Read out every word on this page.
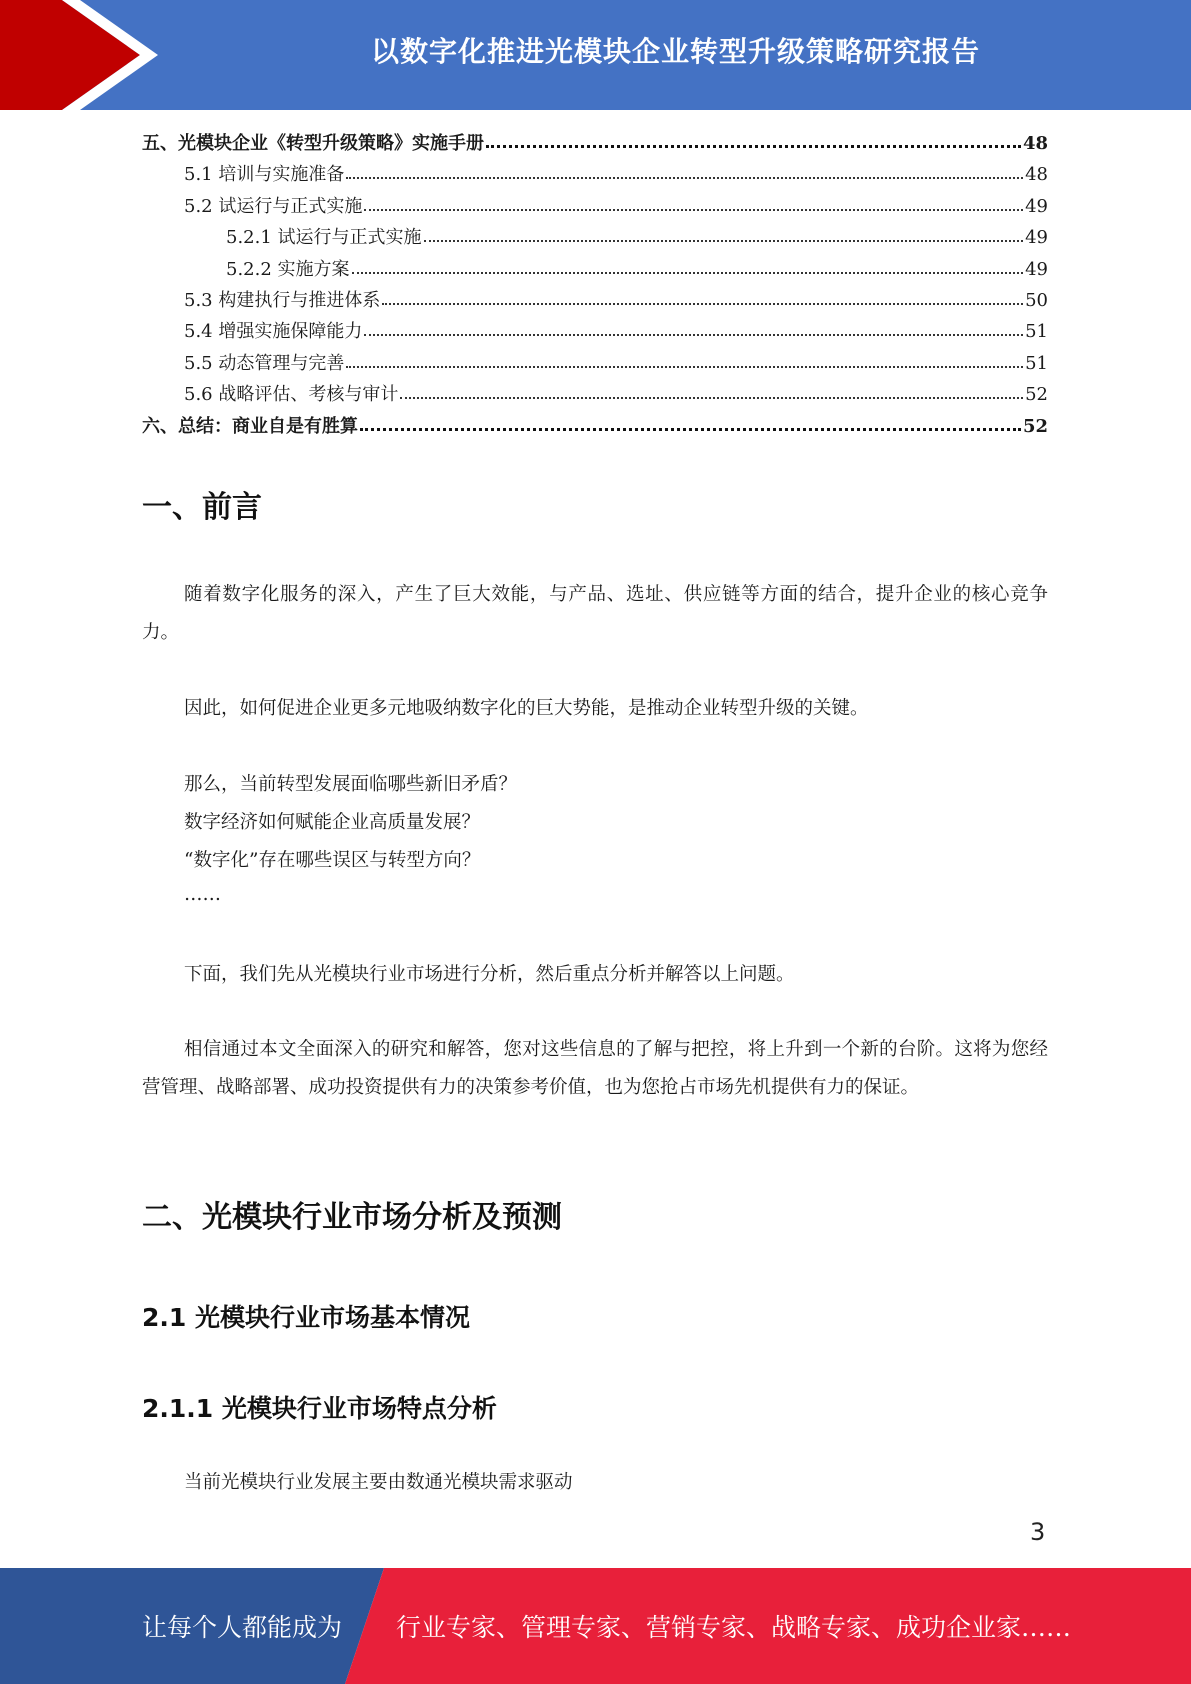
以数字化推进光模块企业转型升级策略研究报告
五、光模块企业《转型升级策略》实施手册	48
5.1 培训与实施准备	48
5.2 试运行与正式实施	49
5.2.1 试运行与正式实施	49
5.2.2 实施方案	49
5.3 构建执行与推进体系	50
5.4 增强实施保障能力	51
5.5 动态管理与完善	51
5.6 战略评估、考核与审计	52
六、总结：商业自是有胜算	52
一、前言

随着数字化服务的深入，产生了巨大效能，与产品、选址、供应链等方面的结合，提升企业的核心竞争力。

因此，如何促进企业更多元地吸纳数字化的巨大势能，是推动企业转型升级的关键。

那么，当前转型发展面临哪些新旧矛盾？

数字经济如何赋能企业高质量发展？

“数字化”存在哪些误区与转型方向？

……

下面，我们先从光模块行业市场进行分析，然后重点分析并解答以上问题。

相信通过本文全面深入的研究和解答，您对这些信息的了解与把控，将上升到一个新的台阶。这将为您经营管理、战略部署、成功投资提供有力的决策参考价值，也为您抢占市场先机提供有力的保证。

二、光模块行业市场分析及预测
2.1 光模块行业市场基本情况
2.1.1 光模块行业市场特点分析

当前光模块行业发展主要由数通光模块需求驱动

3
让每个人都能成为 行业专家、管理专家、营销专家、战略专家、成功企业家……
